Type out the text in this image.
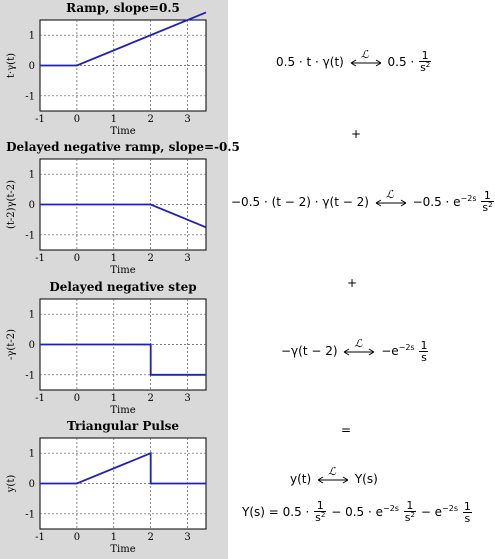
Ramp, slope=0.5
-1	0	1	2	3
1
0
-1
Time
t·γ(t)
Delayed negative ramp, slope=-0.5
-1	0	1	2	3
1
0
-1
Time
(t-2)γ(t-2)
Delayed negative step
-1	0	1	2	3
1
0
-1
Time
-γ(t-2)
Triangular Pulse
-1	0	1	2	3
1
0
-1
Time
y(t)
0.5 · t · γ(t)
ℒ
$0.5 \cdot \frac{1}{s^2}$
+
−0.5 · (t − 2) · γ(t − 2)
ℒ
$-0.5 \cdot e^{-2s} \frac{1}{s^2}$
+
−γ(t − 2)
ℒ
$-e^{-2s} \frac{1}{s}$
=
y(t)
ℒ
Y(s)
$Y(s) = 0.5 \cdot \frac{1}{s^2} - 0.5 \cdot e^{-2s} \frac{1}{s^2} - e^{-2s} \frac{1}{s}$
